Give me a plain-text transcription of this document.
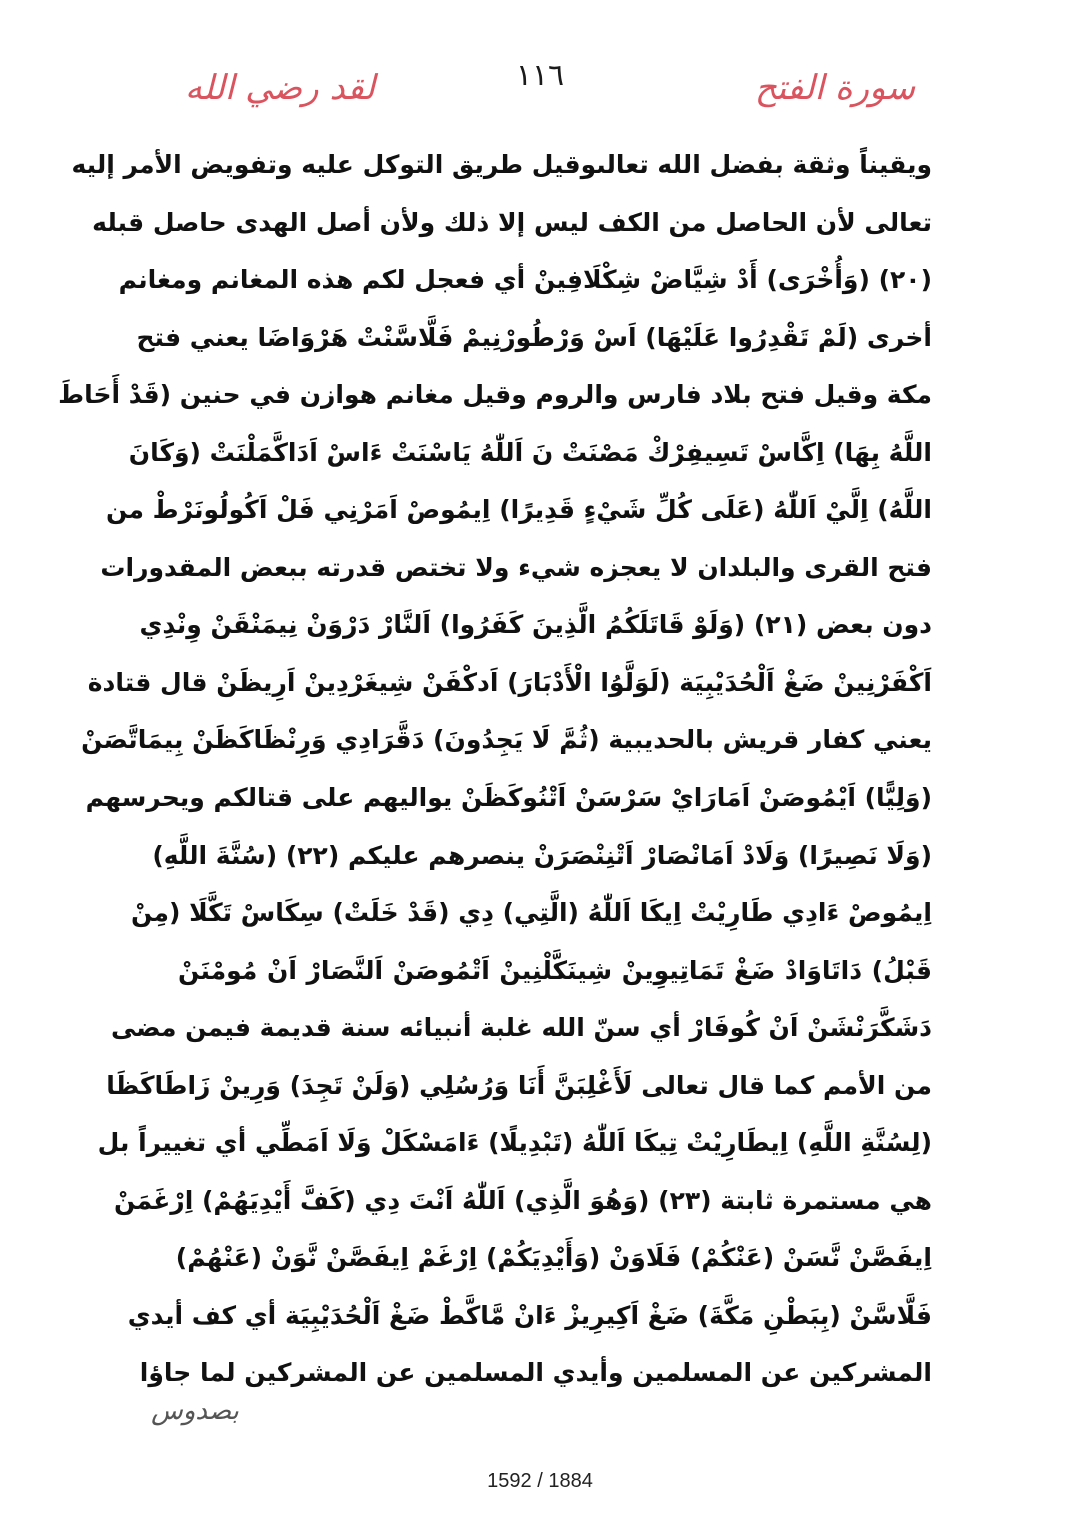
سورة الفتح
١١٦
لقد رضي الله
ويقيناً وثقة بفضل الله تعالىوقيل طريق التوكل عليه وتفويض الأمر إليه
تعالى لأن الحاصل من الكف ليس إلا ذلك ولأن أصل الهدى حاصل قبله
(٢٠) (وَأُخْرَى) أَدْ شِيَّاضْ شِكْلَافِينْ أي فعجل لكم هذه المغانم ومغانم
أخرى (لَمْ تَقْدِرُوا عَلَيْهَا) اَسْ وَرْطُورْنِيمْ فَلَّاسَّنْتْ هَرْوَاضَا يعني فتح
مكة وقيل فتح بلاد فارس والروم وقيل مغانم هوازن في حنين (قَدْ أَحَاطَ
اللَّهُ بِهَا) اِكَّاسْ تَسِيفِرْكْ مَصْنَتْ نَ اَللّٰهُ يَاسْنَتْ ءَاسْ اَدَاكَّمَلْنَتْ (وَكَانَ
اللَّهُ) اِلَّيْ اَللّٰهُ (عَلَى كُلِّ شَيْءٍ قَدِيرًا) اِيمُوصْ اَمَرْنِي فَلْ اَكُولُونَرْطْ من
فتح القرى والبلدان لا يعجزه شيء ولا تختص قدرته ببعض المقدورات
دون بعض (٢١) (وَلَوْ قَاتَلَكُمُ الَّذِينَ كَفَرُوا) اَلنَّارْ دَرْوَنْ نِيمَنْقَنْ وِنْدِي
اَكْفَرْنِينْ ضَغْ اَلْحُدَيْبِيَة (لَوَلَّوُا الْأَدْبَارَ) اَدكْفَنْ شِيغَرْدِينْ اَرِيظَنْ قال قتادة
يعني كفار قريش بالحديبية (ثُمَّ لَا يَجِدُونَ) دَقَّرَادِي وَرِنْظَاكَظَنْ بِيمَاتَّصَنْ
(وَلِيًّا) اَيْمُوصَنْ اَمَارَايْ سَرْسَنْ اَتْنُوكَظَنْ يواليهم على قتالكم ويحرسهم
(وَلَا نَصِيرًا) وَلَادْ اَمَانْصَارْ اَتْنِنْصَرَنْ ينصرهم عليكم (٢٢) (سُنَّةَ اللَّهِ)
اِيمُوصْ ءَادِي طَارِيْتْ اِيكَا اَللّٰهُ (الَّتِي) دِي (قَدْ خَلَتْ) سِكَاسْ تَكَّلَا (مِنْ
قَبْلُ) دَاتَاوَادْ ضَغْ تَمَاتِيوِينْ شِينَكَّلْنِينْ اَتْمُوصَنْ اَلنَّصَارْ اَنْ مُومْنَنْ
دَشَكَّرَنْشَنْ اَنْ كُوفَارْ أي سنّ الله غلبة أنبيائه سنة قديمة فيمن مضى
من الأمم كما قال تعالى لَأَغْلِبَنَّ أَنَا وَرُسُلِي (وَلَنْ تَجِدَ) وَرِينْ زَاطَاكَظَا
(لِسُنَّةِ اللَّهِ) اِيطَارِيْتْ تِيكَا اَللّٰهُ (تَبْدِيلًا) ءَامَسْكَلْ وَلَا اَمَطِّي أي تغييراً بل
هي مستمرة ثابتة (٢٣) (وَهُوَ الَّذِي) اَللّٰهُ اَنْتَ دِي (كَفَّ أَيْدِيَهُمْ) اِرْغَمَنْ
اِيفَصَّنْ نَّسَنْ (عَنْكُمْ) فَلَاوَنْ (وَأَيْدِيَكُمْ) اِرْغَمْ اِيفَصَّنْ نَّوَنْ (عَنْهُمْ)
فَلَّاسَّنْ (بِبَطْنِ مَكَّةَ) ضَغْ اَكِيرِيزْ ءَانْ مَّاكَّطْ ضَغْ اَلْحُدَيْبِيَة أي كف أيدي
المشركين عن المسلمين وأيدي المسلمين عن المشركين لما جاؤا
بصدوس
1592 / 1884
